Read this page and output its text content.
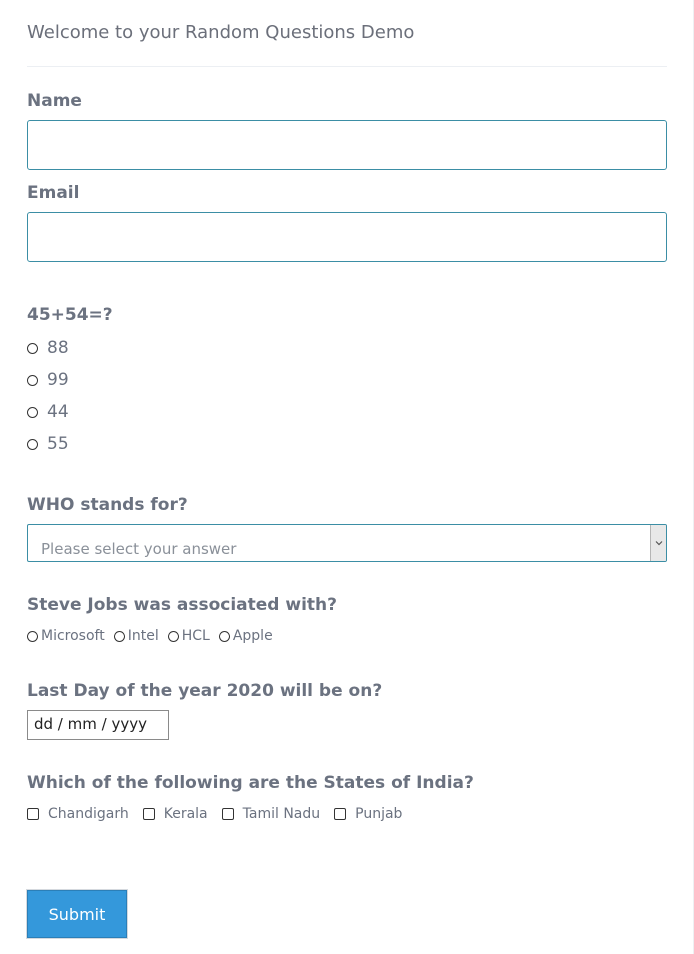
Welcome to your Random Questions Demo
Name
Email
45+54=?
88
99
44
55
WHO stands for?
Please select your answer
Steve Jobs was associated with?
Microsoft Intel HCL Apple
Last Day of the year 2020 will be on?
dd / mm / yyyy
Which of the following are the States of India?
Chandigarh	Kerala	Tamil Nadu	Punjab
Submit
